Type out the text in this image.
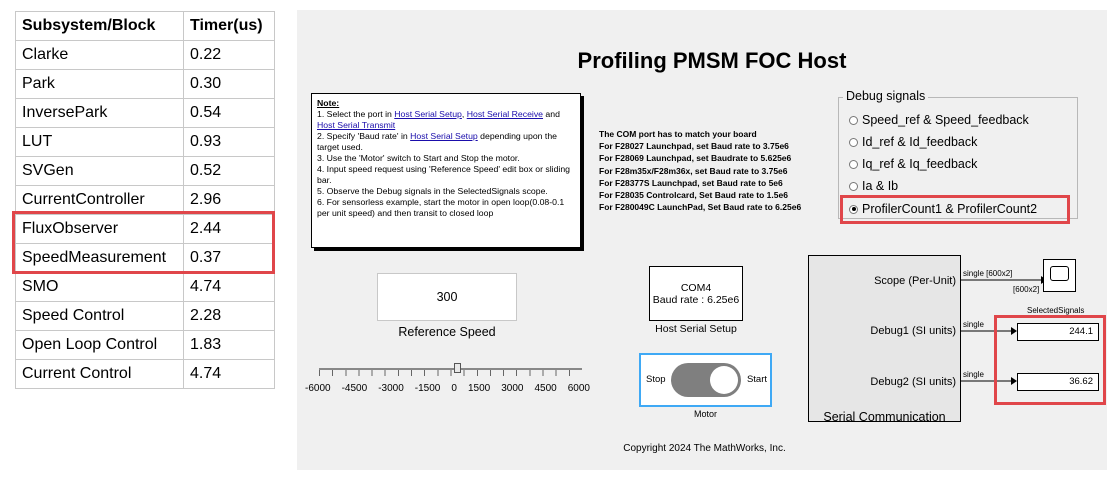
Subsystem/Block	Timer(us)
Clarke	0.22
Park	0.30
InversePark	0.54
LUT	0.93
SVGen	0.52
CurrentController	2.96
FluxObserver	2.44
SpeedMeasurement	0.37
SMO	4.74
Speed Control	2.28
Open Loop Control	1.83
Current Control	4.74
Profiling PMSM FOC Host
Note:
1. Select the port in Host Serial Setup, Host Serial Receive and Host Serial Transmit
2. Specify 'Baud rate' in Host Serial Setup depending upon the target used.
3. Use the 'Motor' switch to Start and Stop the motor.
4. Input speed request using 'Reference Speed' edit box or sliding bar.
5. Observe the Debug signals in the SelectedSignals scope.
6. For sensorless example, start the motor in open loop(0.08-0.1 per unit speed) and then transit to closed loop
The COM port has to match your board
For F28027 Launchpad, set Baud rate to 3.75e6
For F28069 Launchpad, set Baudrate to 5.625e6
For F28m35x/F28m36x, set Baud rate to 3.75e6
For F28377S Launchpad, set Baud rate to 5e6
For F28035 Controlcard, Set Baud rate to 1.5e6
For F280049C LaunchPad, Set Baud rate to 6.25e6
Debug signals
Speed_ref & Speed_feedback
Id_ref & Id_feedback
Iq_ref & Iq_feedback
Ia & Ib
ProfilerCount1 & ProfilerCount2
300
Reference Speed
-6000 -4500 -3000 -1500 0 1500 3000 4500 6000
COM4
Baud rate : 6.25e6
Host Serial Setup
Stop	Start
Motor
Scope (Per-Unit)
Debug1 (SI units)
Debug2 (SI units)
Serial Communication
single [600x2]
[600x2]
single
single
SelectedSignals
244.1
36.62
Copyright 2024 The MathWorks, Inc.
